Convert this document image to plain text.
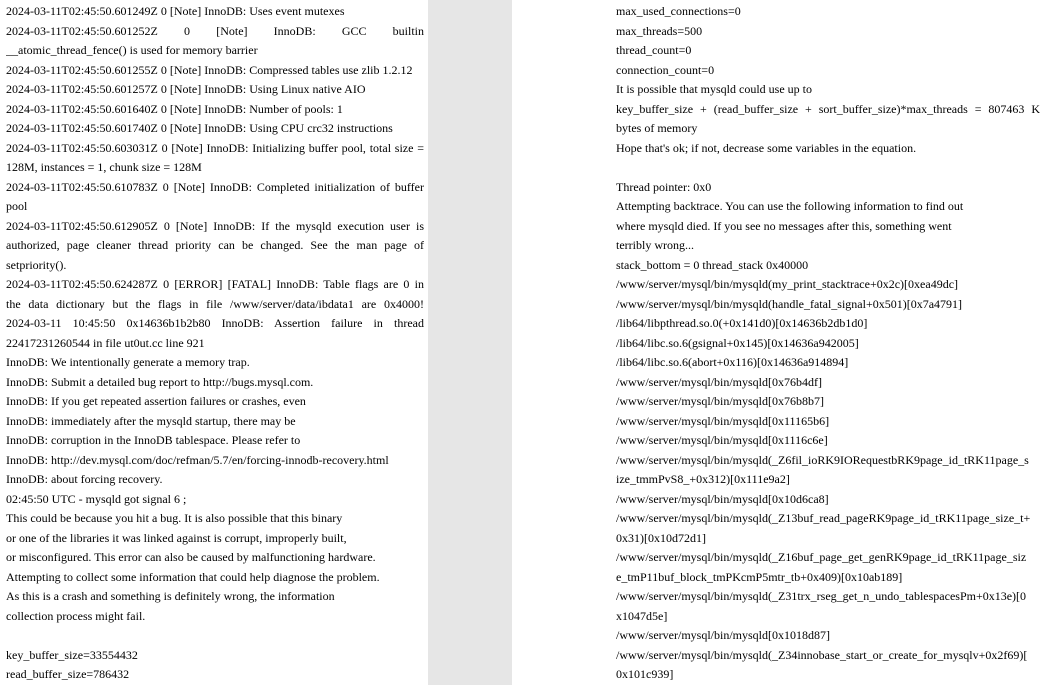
2024-03-11T02:45:50.601249Z 0 [Note] InnoDB: Uses event mutexes
2024-03-11T02:45:50.601252Z 0 [Note] InnoDB: GCC builtin
__atomic_thread_fence() is used for memory barrier
2024-03-11T02:45:50.601255Z 0 [Note] InnoDB: Compressed tables use zlib 1.2.12
2024-03-11T02:45:50.601257Z 0 [Note] InnoDB: Using Linux native AIO
2024-03-11T02:45:50.601640Z 0 [Note] InnoDB: Number of pools: 1
2024-03-11T02:45:50.601740Z 0 [Note] InnoDB: Using CPU crc32 instructions
2024-03-11T02:45:50.603031Z 0 [Note] InnoDB: Initializing buffer pool, total size =
128M, instances = 1, chunk size = 128M
2024-03-11T02:45:50.610783Z 0 [Note] InnoDB: Completed initialization of buffer
pool
2024-03-11T02:45:50.612905Z 0 [Note] InnoDB: If the mysqld execution user is
authorized, page cleaner thread priority can be changed. See the man page of
setpriority().
2024-03-11T02:45:50.624287Z 0 [ERROR] [FATAL] InnoDB: Table flags are 0 in
the data dictionary but the flags in file /www/server/data/ibdata1 are 0x4000!
2024-03-11 10:45:50 0x14636b1b2b80 InnoDB: Assertion failure in thread
22417231260544 in file ut0ut.cc line 921
InnoDB: We intentionally generate a memory trap.
InnoDB: Submit a detailed bug report to http://bugs.mysql.com.
InnoDB: If you get repeated assertion failures or crashes, even
InnoDB: immediately after the mysqld startup, there may be
InnoDB: corruption in the InnoDB tablespace. Please refer to
InnoDB: http://dev.mysql.com/doc/refman/5.7/en/forcing-innodb-recovery.html
InnoDB: about forcing recovery.
02:45:50 UTC - mysqld got signal 6 ;
This could be because you hit a bug. It is also possible that this binary
or one of the libraries it was linked against is corrupt, improperly built,
or misconfigured. This error can also be caused by malfunctioning hardware.
Attempting to collect some information that could help diagnose the problem.
As this is a crash and something is definitely wrong, the information
collection process might fail.
key_buffer_size=33554432
read_buffer_size=786432
max_used_connections=0
max_threads=500
thread_count=0
connection_count=0
It is possible that mysqld could use up to
key_buffer_size + (read_buffer_size + sort_buffer_size)*max_threads = 807463 K
bytes of memory
Hope that's ok; if not, decrease some variables in the equation.
Thread pointer: 0x0
Attempting backtrace. You can use the following information to find out
where mysqld died. If you see no messages after this, something went
terribly wrong...
stack_bottom = 0 thread_stack 0x40000
/www/server/mysql/bin/mysqld(my_print_stacktrace+0x2c)[0xea49dc]
/www/server/mysql/bin/mysqld(handle_fatal_signal+0x501)[0x7a4791]
/lib64/libpthread.so.0(+0x141d0)[0x14636b2db1d0]
/lib64/libc.so.6(gsignal+0x145)[0x14636a942005]
/lib64/libc.so.6(abort+0x116)[0x14636a914894]
/www/server/mysql/bin/mysqld[0x76b4df]
/www/server/mysql/bin/mysqld[0x76b8b7]
/www/server/mysql/bin/mysqld[0x11165b6]
/www/server/mysql/bin/mysqld[0x1116c6e]
/www/server/mysql/bin/mysqld(_Z6fil_ioRK9IORequestbRK9page_id_tRK11page_s
ize_tmmPvS8_+0x312)[0x111e9a2]
/www/server/mysql/bin/mysqld[0x10d6ca8]
/www/server/mysql/bin/mysqld(_Z13buf_read_pageRK9page_id_tRK11page_size_t+
0x31)[0x10d72d1]
/www/server/mysql/bin/mysqld(_Z16buf_page_get_genRK9page_id_tRK11page_siz
e_tmP11buf_block_tmPKcmP5mtr_tb+0x409)[0x10ab189]
/www/server/mysql/bin/mysqld(_Z31trx_rseg_get_n_undo_tablespacesPm+0x13e)[0
x1047d5e]
/www/server/mysql/bin/mysqld[0x1018d87]
/www/server/mysql/bin/mysqld(_Z34innobase_start_or_create_for_mysqlv+0x2f69)[
0x101c939]
